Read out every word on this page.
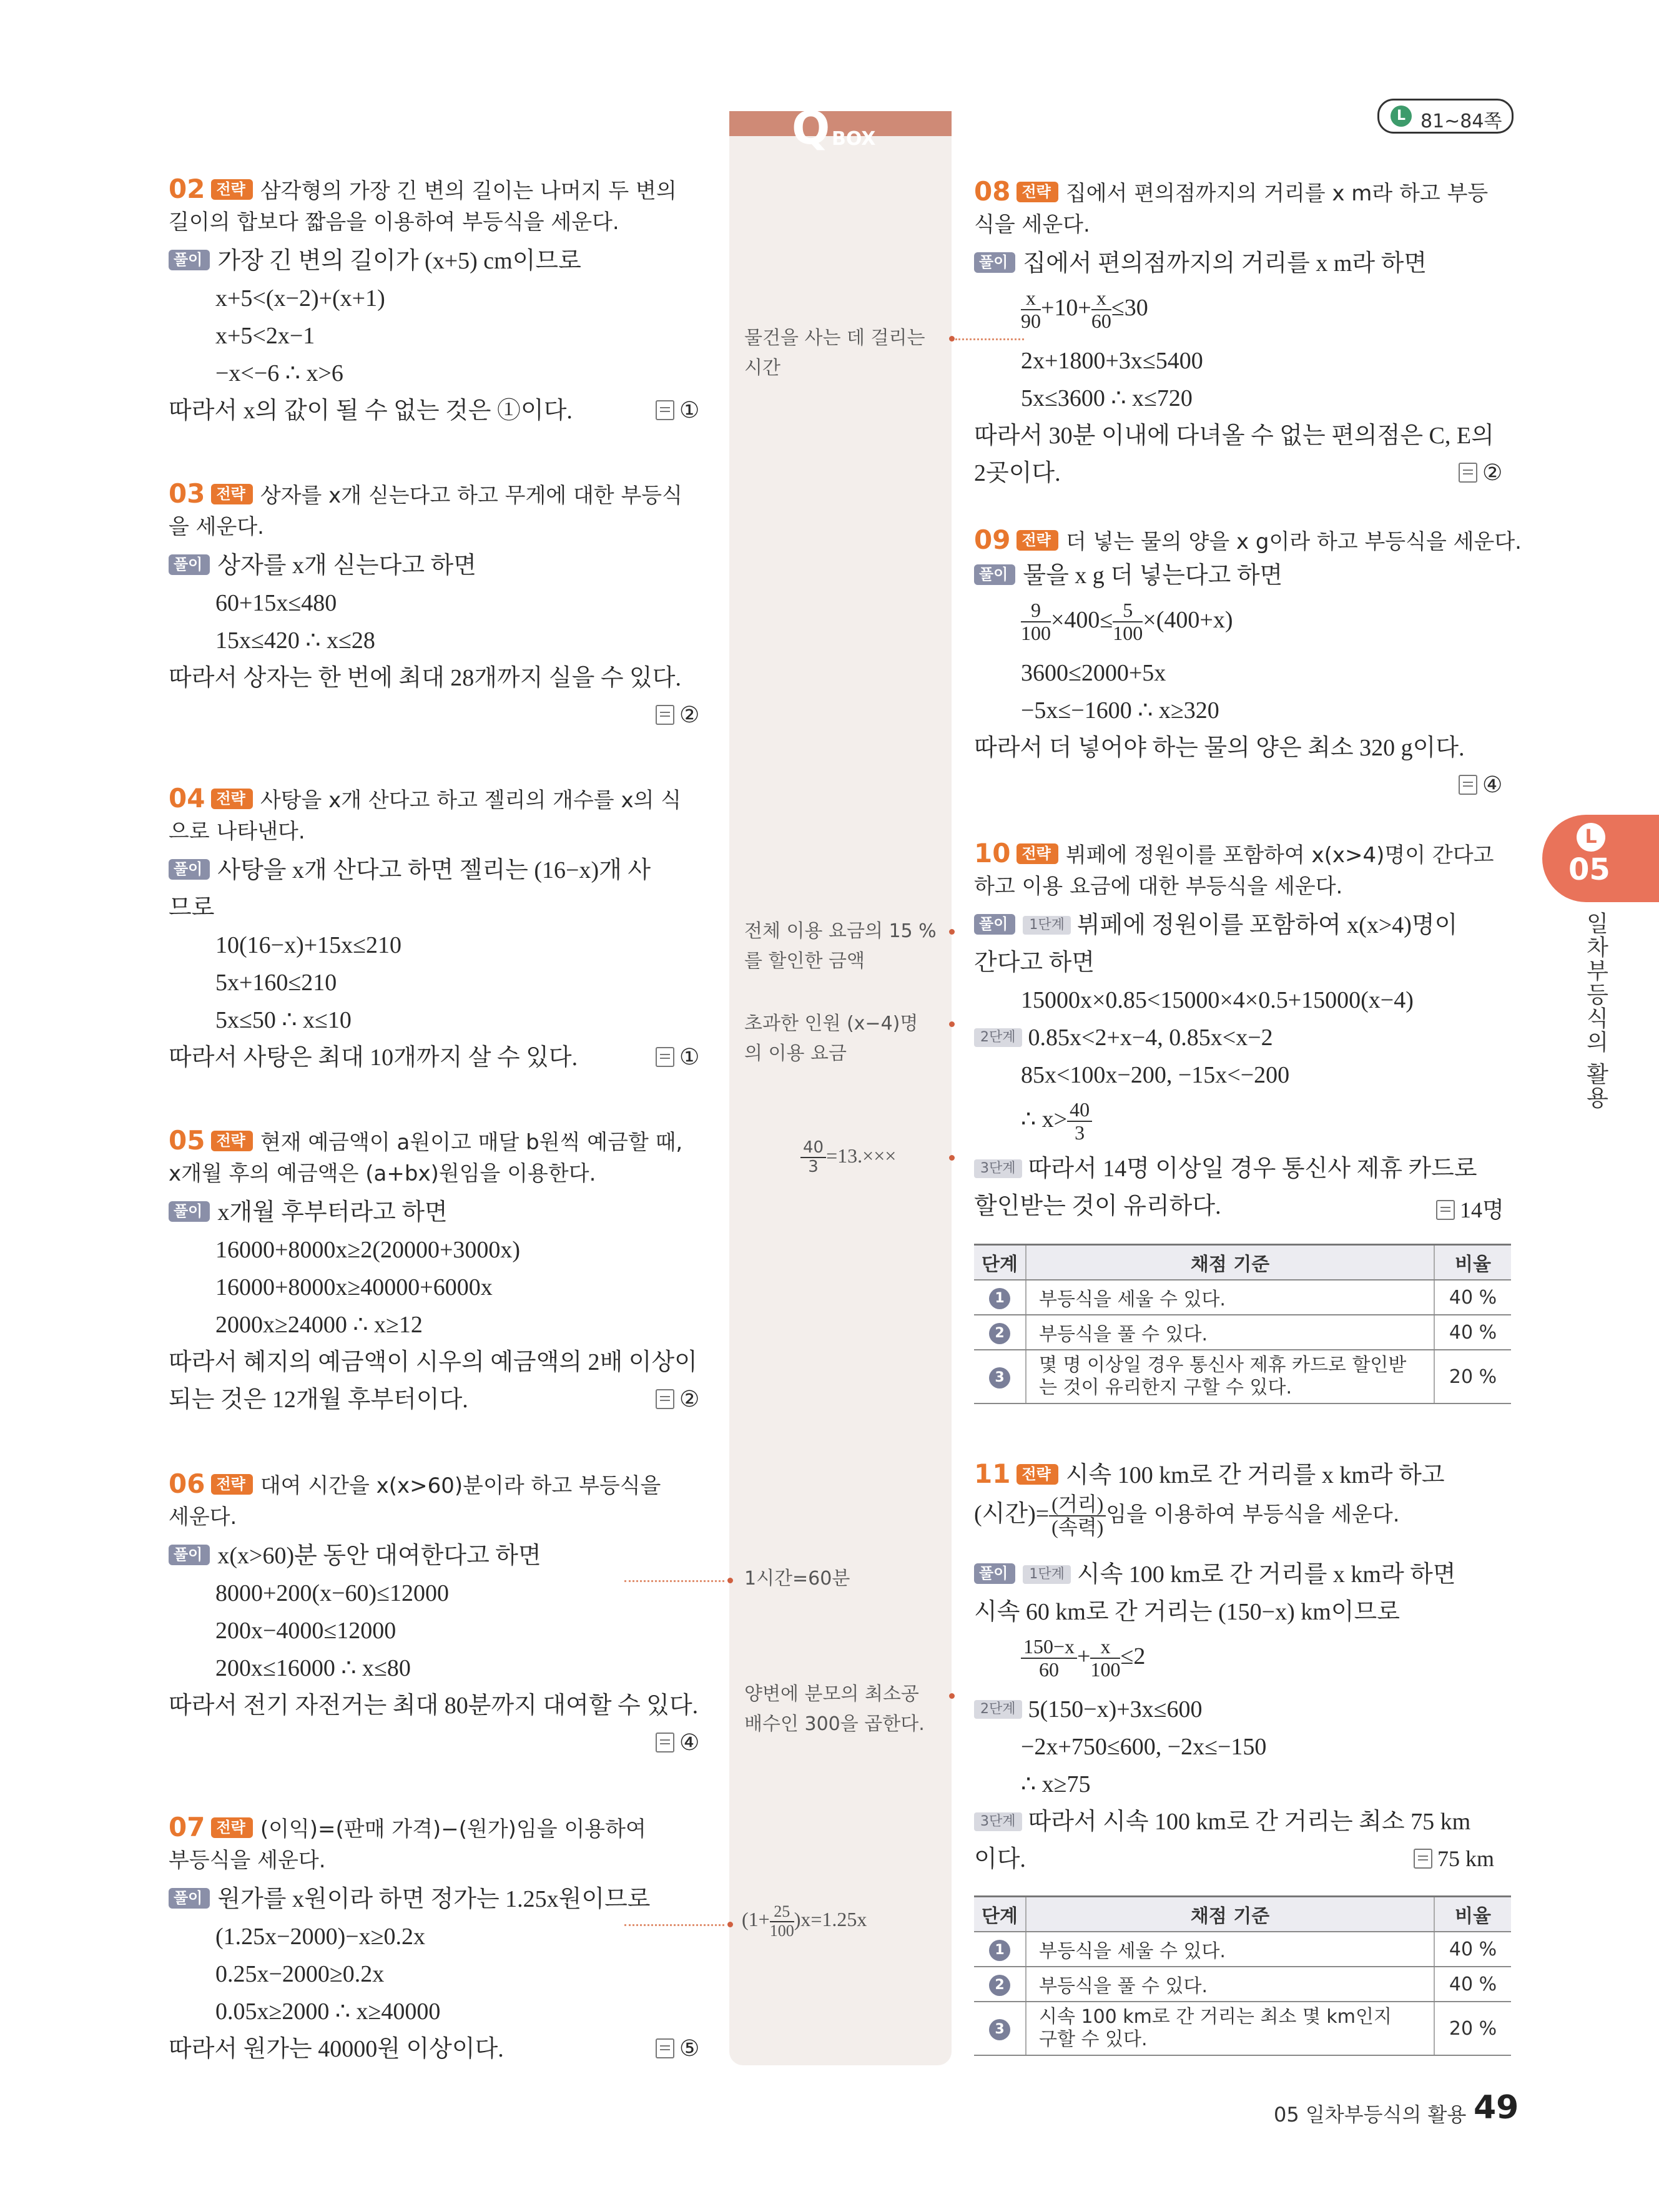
L 81~84쪽
Q BOX
02 전략 삼각형의 가장 긴 변의 길이는 나머지 두 변의
길이의 합보다 짧음을 이용하여 부등식을 세운다.
풀이 가장 긴 변의 길이가 (x+5) cm이므로
x+5<(x−2)+(x+1)
x+5<2x−1
−x<−6 ∴ x>6
따라서 x의 값이 될 수 없는 것은 ①이다.	①
03 전략 상자를 x개 싣는다고 하고 무게에 대한 부등식
을 세운다.
풀이 상자를 x개 싣는다고 하면
60+15x≤480
15x≤420 ∴ x≤28
따라서 상자는 한 번에 최대 28개까지 실을 수 있다.
②
04 전략 사탕을 x개 산다고 하고 젤리의 개수를 x의 식
으로 나타낸다.
풀이 사탕을 x개 산다고 하면 젤리는 (16−x)개 사
므로
10(16−x)+15x≤210
5x+160≤210
5x≤50 ∴ x≤10
따라서 사탕은 최대 10개까지 살 수 있다.	①
05 전략 현재 예금액이 a원이고 매달 b원씩 예금할 때,
x개월 후의 예금액은 (a+bx)원임을 이용한다.
풀이 x개월 후부터라고 하면
16000+8000x≥2(20000+3000x)
16000+8000x≥40000+6000x
2000x≥24000 ∴ x≥12
따라서 혜지의 예금액이 시우의 예금액의 2배 이상이
되는 것은 12개월 후부터이다.	②
06 전략 대여 시간을 x(x>60)분이라 하고 부등식을
세운다.
풀이 x(x>60)분 동안 대여한다고 하면
8000+200(x−60)≤12000
200x−4000≤12000
200x≤16000 ∴ x≤80
따라서 전기 자전거는 최대 80분까지 대여할 수 있다.
④
07 전략 (이익)=(판매 가격)−(원가)임을 이용하여
부등식을 세운다.
풀이 원가를 x원이라 하면 정가는 1.25x원이므로
(1.25x−2000)−x≥0.2x
0.25x−2000≥0.2x
0.05x≥2000 ∴ x≥40000
따라서 원가는 40000원 이상이다.	⑤
물건을 사는 데 걸리는
시간
전체 이용 요금의 15 %
를 할인한 금액
초과한 인원 (x−4)명
의 이용 요금
$\frac{40}{3} =13.\times\times\times$
1시간=60분
양변에 분모의 최소공
배수인 300을 곱한다.
$(1+ \frac{25}{100} )x=1.25x$
08 전략 집에서 편의점까지의 거리를 x m라 하고 부등
식을 세운다.
풀이 집에서 편의점까지의 거리를 x m라 하면
$\frac{x}{90} +10+ \frac{x}{60} \le 30$
2x+1800+3x≤5400
5x≤3600 ∴ x≤720
따라서 30분 이내에 다녀올 수 없는 편의점은 C, E의
2곳이다.	②
09 전략 더 넣는 물의 양을 x g이라 하고 부등식을 세운다.
풀이 물을 x g 더 넣는다고 하면
$\frac{9}{100} \times 400\le \frac{5}{100} \times(400+x)$
3600≤2000+5x
−5x≤−1600 ∴ x≥320
따라서 더 넣어야 하는 물의 양은 최소 320 g이다.
④
10 전략 뷔페에 정원이를 포함하여 x(x>4)명이 간다고
하고 이용 요금에 대한 부등식을 세운다.
풀이 1단계 뷔페에 정원이를 포함하여 x(x>4)명이
간다고 하면
15000x×0.85<15000×4×0.5+15000(x−4)
2단계 0.85x<2+x−4, 0.85x<x−2
85x<100x−200, −15x<−200
∴ $x> \frac{40}{3}$
3단계 따라서 14명 이상일 경우 통신사 제휴 카드로
할인받는 것이 유리하다.	14명
단계	채점 기준	비율
1	부등식을 세울 수 있다.	40 %
2	부등식을 풀 수 있다.	40 %
3	몇 명 이상일 경우 통신사 제휴 카드로 할인받
는 것이 유리한지 구할 수 있다.	20 %
11 전략 시속 100 km로 간 거리를 x km라 하고
(시간)= $\frac{\text{(거리)}}{\text{(속력)}}$ 임을 이용하여 부등식을 세운다.
풀이 1단계 시속 100 km로 간 거리를 x km라 하면
시속 60 km로 간 거리는 (150−x) km이므로
$\frac{150-x}{60} + \frac{x}{100} \le 2$
2단계 5(150−x)+3x≤600
−2x+750≤600, −2x≤−150
∴ x≥75
3단계 따라서 시속 100 km로 간 거리는 최소 75 km
이다.	75 km
단계	채점 기준	비율
1	부등식을 세울 수 있다.	40 %
2	부등식을 풀 수 있다.	40 %
3	시속 100 km로 간 거리는 최소 몇 km인지
구할 수 있다.	20 %
L
05
일차부등식의 활용
05 일차부등식의 활용 49
